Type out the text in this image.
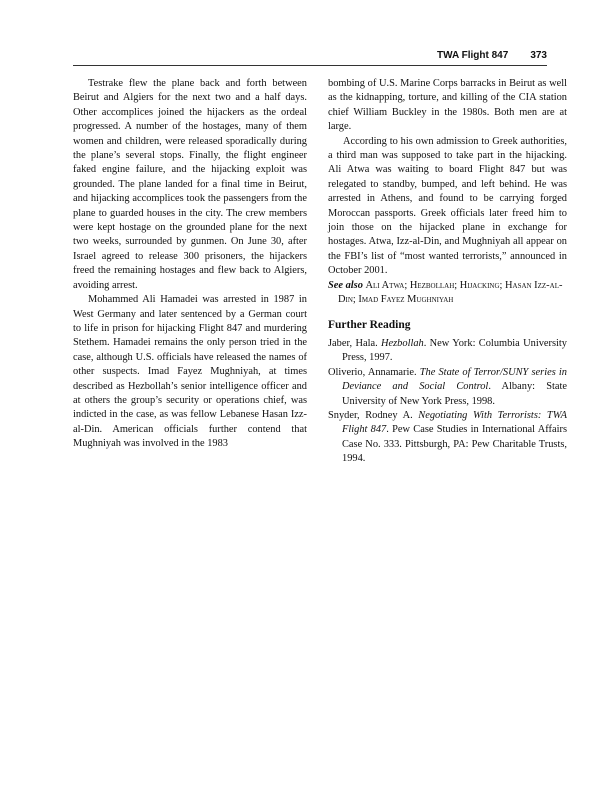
TWA Flight 847 373

Testrake flew the plane back and forth between Beirut and Algiers for the next two and a half days. Other accomplices joined the hijackers as the ordeal progressed. A number of the hostages, many of them women and children, were released sporadically during the plane’s several stops. Finally, the flight engineer faked engine failure, and the hijacking exploit was grounded. The plane landed for a final time in Beirut, and hijacking accomplices took the passengers from the plane to guarded houses in the city. The crew members were kept hostage on the grounded plane for the next two weeks, surrounded by gunmen. On June 30, after Israel agreed to release 300 prisoners, the hijackers freed the remaining hostages and flew back to Algiers, avoiding arrest.

Mohammed Ali Hamadei was arrested in 1987 in West Germany and later sentenced by a German court to life in prison for hijacking Flight 847 and murdering Stethem. Hamadei remains the only person tried in the case, although U.S. officials have released the names of other suspects. Imad Fayez Mughniyah, at times described as Hezbollah’s senior intelligence officer and at others the group’s security or operations chief, was indicted in the case, as was fellow Lebanese Hasan Izz-al-Din. American officials further contend that Mughniyah was involved in the 1983

bombing of U.S. Marine Corps barracks in Beirut as well as the kidnapping, torture, and killing of the CIA station chief William Buckley in the 1980s. Both men are at large.

According to his own admission to Greek authorities, a third man was supposed to take part in the hijacking. Ali Atwa was waiting to board Flight 847 but was relegated to standby, bumped, and left behind. He was arrested in Athens, and found to be carrying forged Moroccan passports. Greek officials later freed him to join those on the hijacked plane in exchange for hostages. Atwa, Izz-al-Din, and Mughniyah all appear on the FBI’s list of “most wanted terrorists,” announced in October 2001.

See also Ali Atwa; Hezbollah; Hijacking; Hasan Izz-al-Din; Imad Fayez Mughniyah

Further Reading
Jaber, Hala. Hezbollah. New York: Columbia University Press, 1997.
Oliverio, Annamarie. The State of Terror/SUNY series in Deviance and Social Control. Albany: State University of New York Press, 1998.
Snyder, Rodney A. Negotiating With Terrorists: TWA Flight 847. Pew Case Studies in International Affairs Case No. 333. Pittsburgh, PA: Pew Charitable Trusts, 1994.
